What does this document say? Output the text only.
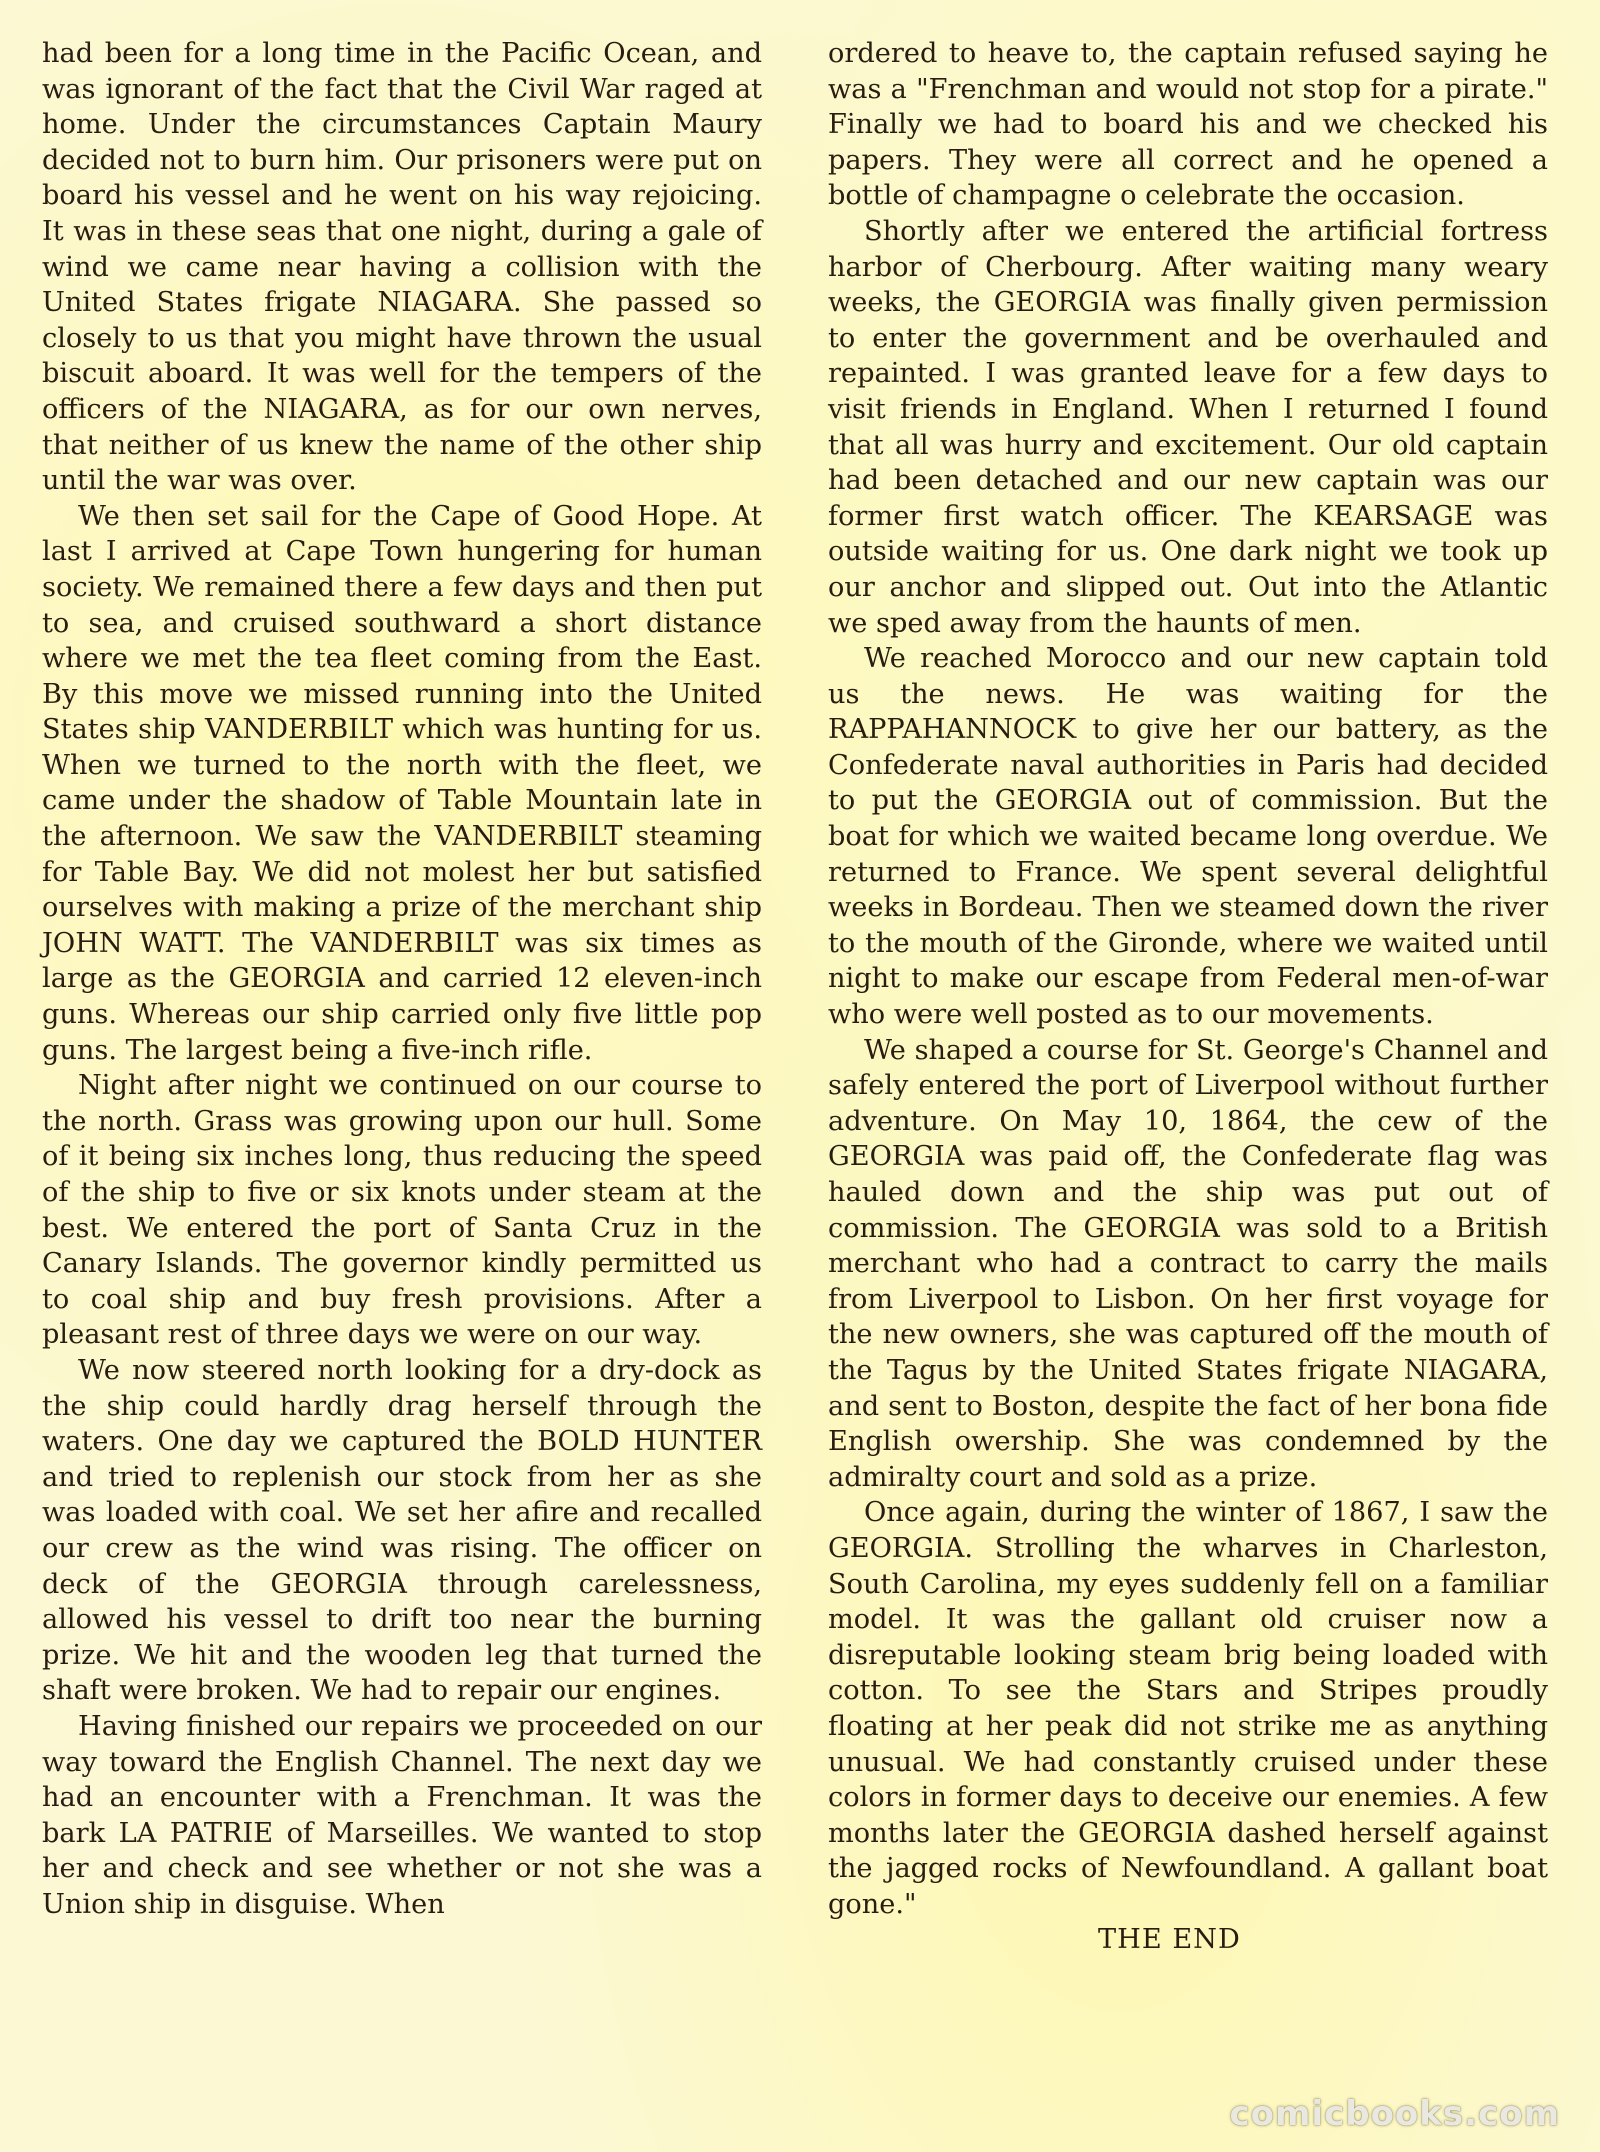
had been for a long time in the Pacific Ocean, and was ignorant of the fact that the Civil War raged at home. Under the circumstances Captain Maury decided not to burn him. Our prisoners were put on board his vessel and he went on his way rejoicing. It was in these seas that one night, during a gale of wind we came near having a collision with the United States frigate NIAGARA. She passed so closely to us that you might have thrown the usual biscuit aboard. It was well for the tempers of the officers of the NIAGARA, as for our own nerves, that neither of us knew the name of the other ship until the war was over.

We then set sail for the Cape of Good Hope. At last I arrived at Cape Town hungering for human society. We remained there a few days and then put to sea, and cruised southward a short distance where we met the tea fleet coming from the East. By this move we missed running into the United States ship VANDERBILT which was hunting for us. When we turned to the north with the fleet, we came under the shadow of Table Mountain late in the afternoon. We saw the VANDERBILT steaming for Table Bay. We did not molest her but satisfied ourselves with making a prize of the merchant ship JOHN WATT. The VANDERBILT was six times as large as the GEORGIA and carried 12 eleven-inch guns. Whereas our ship carried only five little pop guns. The largest being a five-inch rifle.

Night after night we continued on our course to the north. Grass was growing upon our hull. Some of it being six inches long, thus reducing the speed of the ship to five or six knots under steam at the best. We entered the port of Santa Cruz in the Canary Islands. The governor kindly permitted us to coal ship and buy fresh provisions. After a pleasant rest of three days we were on our way.

We now steered north looking for a dry-dock as the ship could hardly drag herself through the waters. One day we captured the BOLD HUNTER and tried to replenish our stock from her as she was loaded with coal. We set her afire and recalled our crew as the wind was rising. The officer on deck of the GEORGIA through carelessness, allowed his vessel to drift too near the burning prize. We hit and the wooden leg that turned the shaft were broken. We had to repair our engines.

Having finished our repairs we proceeded on our way toward the English Channel. The next day we had an encounter with a Frenchman. It was the bark LA PATRIE of Marseilles. We wanted to stop her and check and see whether or not she was a Union ship in disguise. When

ordered to heave to, the captain refused saying he was a "Frenchman and would not stop for a pirate." Finally we had to board his and we checked his papers. They were all correct and he opened a bottle of champagne o celebrate the occasion.

Shortly after we entered the artificial fortress harbor of Cherbourg. After waiting many weary weeks, the GEORGIA was finally given permission to enter the government and be overhauled and repainted. I was granted leave for a few days to visit friends in England. When I returned I found that all was hurry and excitement. Our old captain had been detached and our new captain was our former first watch officer. The KEARSAGE was outside waiting for us. One dark night we took up our anchor and slipped out. Out into the Atlantic we sped away from the haunts of men.

We reached Morocco and our new captain told us the news. He was waiting for the RAPPAHANNOCK to give her our battery, as the Confederate naval authorities in Paris had decided to put the GEORGIA out of commission. But the boat for which we waited became long overdue. We returned to France. We spent several delightful weeks in Bordeau. Then we steamed down the river to the mouth of the Gironde, where we waited until night to make our escape from Federal men-of-war who were well posted as to our movements.

We shaped a course for St. George's Channel and safely entered the port of Liverpool without further adventure. On May 10, 1864, the cew of the GEORGIA was paid off, the Confederate flag was hauled down and the ship was put out of commission. The GEORGIA was sold to a British merchant who had a contract to carry the mails from Liverpool to Lisbon. On her first voyage for the new owners, she was captured off the mouth of the Tagus by the United States frigate NIAGARA, and sent to Boston, despite the fact of her bona fide English owership. She was condemned by the admiralty court and sold as a prize.

Once again, during the winter of 1867, I saw the GEORGIA. Strolling the wharves in Charleston, South Carolina, my eyes suddenly fell on a familiar model. It was the gallant old cruiser now a disreputable looking steam brig being loaded with cotton. To see the Stars and Stripes proudly floating at her peak did not strike me as anything unusual. We had constantly cruised under these colors in former days to deceive our enemies. A few months later the GEORGIA dashed herself against the jagged rocks of Newfoundland. A gallant boat gone."

THE END

comicbooks.com
